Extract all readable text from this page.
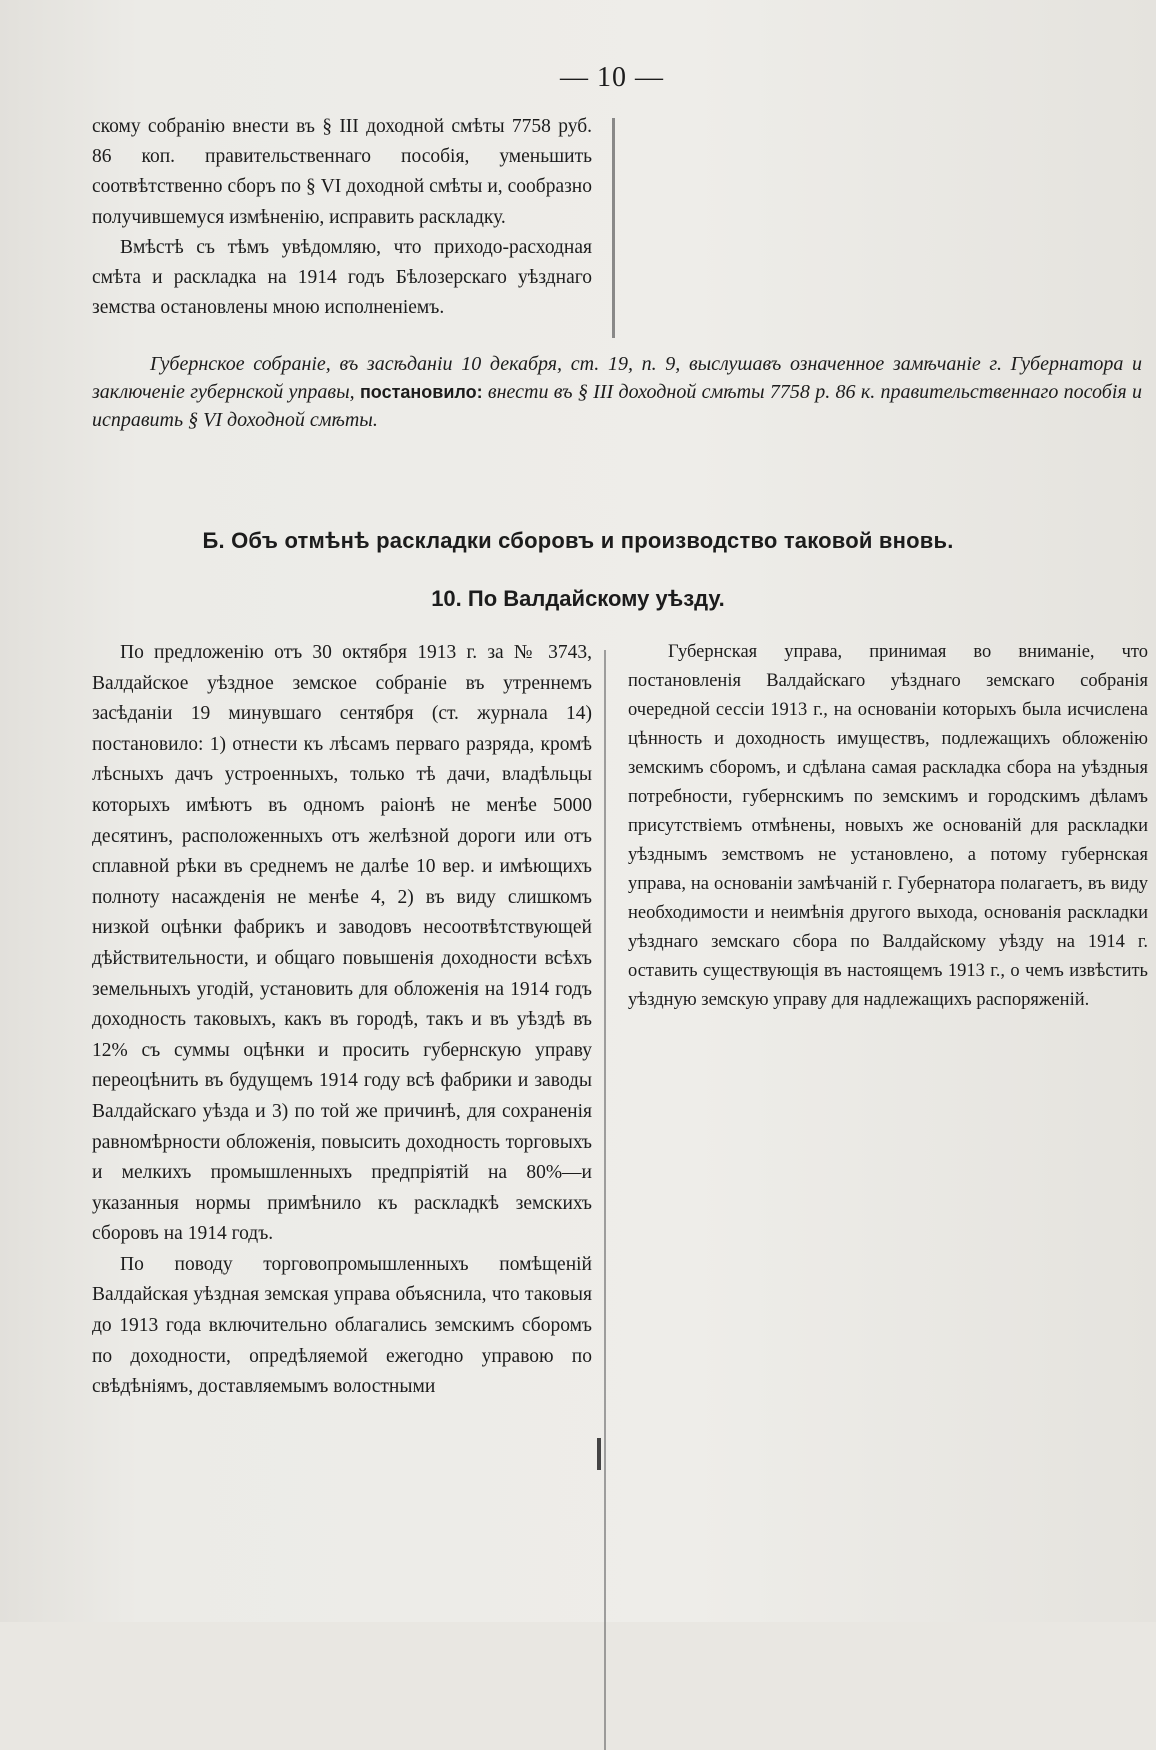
— 10 —

скому собранію внести въ § III доходной смѣты 7758 руб. 86 коп. правительственнаго пособія, уменьшить соотвѣтственно сборъ по § VI доходной смѣты и, сообразно получившемуся измѣненію, исправить раскладку.

Вмѣстѣ съ тѣмъ увѣдомляю, что приходо-расходная смѣта и раскладка на 1914 годъ Бѣлозерскаго уѣзднаго земства остановлены мною исполненіемъ.

Губернское собраніе, въ засѣданіи 10 декабря, ст. 19, п. 9, выслушавъ означенное замѣчаніе г. Губернатора и заключеніе губернской управы, постановило: внести въ § III доходной смѣты 7758 р. 86 к. правительственнаго пособія и исправить § VI доходной смѣты.
Б. Объ отмѣнѣ раскладки сборовъ и производство таковой вновь.
10. По Валдайскому уѣзду.

По предложенію отъ 30 октября 1913 г. за № 3743, Валдайское уѣздное земское собраніе въ утреннемъ засѣданіи 19 минувшаго сентября (ст. журнала 14) постановило: 1) отнести къ лѣсамъ перваго разряда, кромѣ лѣсныхъ дачъ устроенныхъ, только тѣ дачи, владѣльцы которыхъ имѣютъ въ одномъ раіонѣ не менѣе 5000 десятинъ, расположенныхъ отъ желѣзной дороги или отъ сплавной рѣки въ среднемъ не далѣе 10 вер. и имѣющихъ полноту насажденія не менѣе 4, 2) въ виду слишкомъ низкой оцѣнки фабрикъ и заводовъ несоотвѣтствующей дѣйствительности, и общаго повышенія доходности всѣхъ земельныхъ угодій, установить для обложенія на 1914 годъ доходность таковыхъ, какъ въ городѣ, такъ и въ уѣздѣ въ 12% съ суммы оцѣнки и просить губернскую управу переоцѣнить въ будущемъ 1914 году всѣ фабрики и заводы Валдайскаго уѣзда и 3) по той же причинѣ, для сохраненія равномѣрности обложенія, повысить доходность торговыхъ и мелкихъ промышленныхъ предпріятій на 80%—и указанныя нормы примѣнило къ раскладкѣ земскихъ сборовъ на 1914 годъ.

По поводу торговопромышленныхъ помѣщеній Валдайская уѣздная земская управа объяснила, что таковыя до 1913 года включительно облагались земскимъ сборомъ по доходности, опредѣляемой ежегодно управою по свѣдѣніямъ, доставляемымъ волостными

Губернская управа, принимая во вниманіе, что постановленія Валдайскаго уѣзднаго земскаго собранія очередной сессіи 1913 г., на основаніи которыхъ была исчислена цѣнность и доходность имуществъ, подлежащихъ обложенію земскимъ сборомъ, и сдѣлана самая раскладка сбора на уѣздныя потребности, губернскимъ по земскимъ и городскимъ дѣламъ присутствіемъ отмѣнены, новыхъ же основаній для раскладки уѣзднымъ земствомъ не установлено, а потому губернская управа, на основаніи замѣчаній г. Губернатора полагаетъ, въ виду необходимости и неимѣнія другого выхода, основанія раскладки уѣзднаго земскаго сбора по Валдайскому уѣзду на 1914 г. оставить существующія въ настоящемъ 1913 г., о чемъ извѣстить уѣздную земскую управу для надлежащихъ распоряженій.
